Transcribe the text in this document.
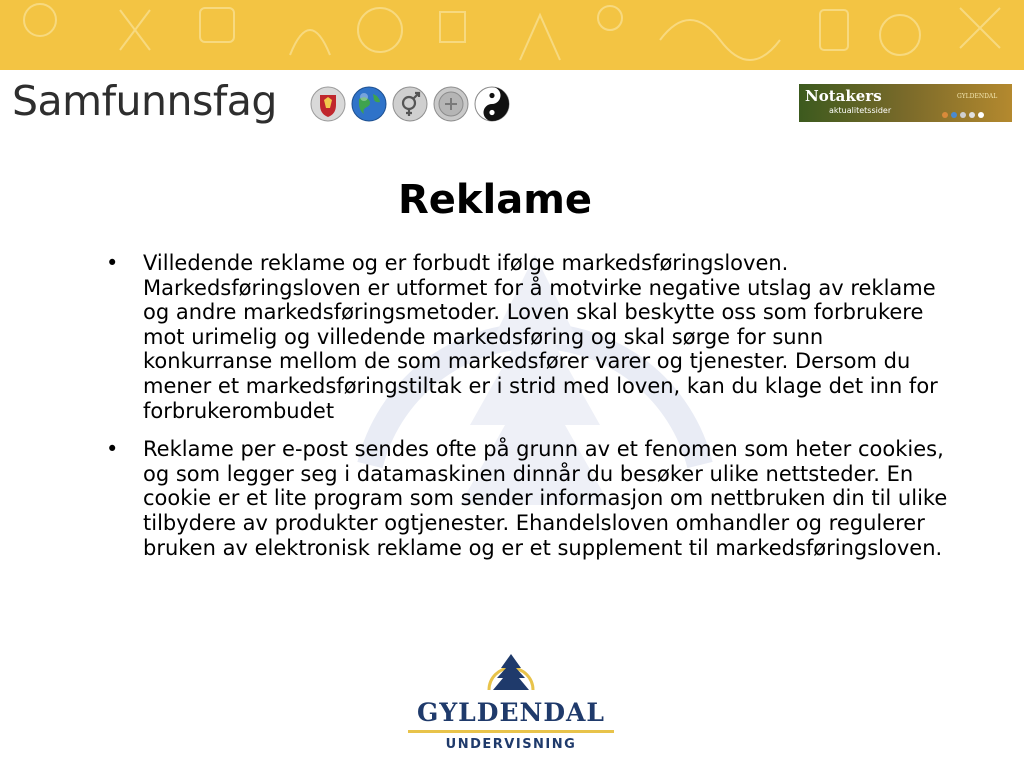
Samfunnsfag	Notakers
aktualitetssider
GYLDENDAL
Reklame
•	Villedende reklame og er forbudt ifølge markedsføringsloven. Markedsføringsloven er utformet for å motvirke negative utslag av reklame og andre markedsføringsmetoder. Loven skal beskytte oss som forbrukere mot urimelig og villedende markedsføring og skal sørge for sunn konkurranse mellom de som markedsfører varer og tjenester. Dersom du mener et markedsføringstiltak er i strid med loven, kan du klage det inn for forbrukerombudet
•	Reklame per e-post sendes ofte på grunn av et fenomen som heter cookies, og som legger seg i datamaskinen dinnår du besøker ulike nettsteder. En cookie er et lite program som sender informasjon om nettbruken din til ulike tilbydere av produkter ogtjenester. Ehandelsloven omhandler og regulerer bruken av elektronisk reklame og er et supplement til markedsføringsloven.
GYLDENDAL
UNDERVISNING
